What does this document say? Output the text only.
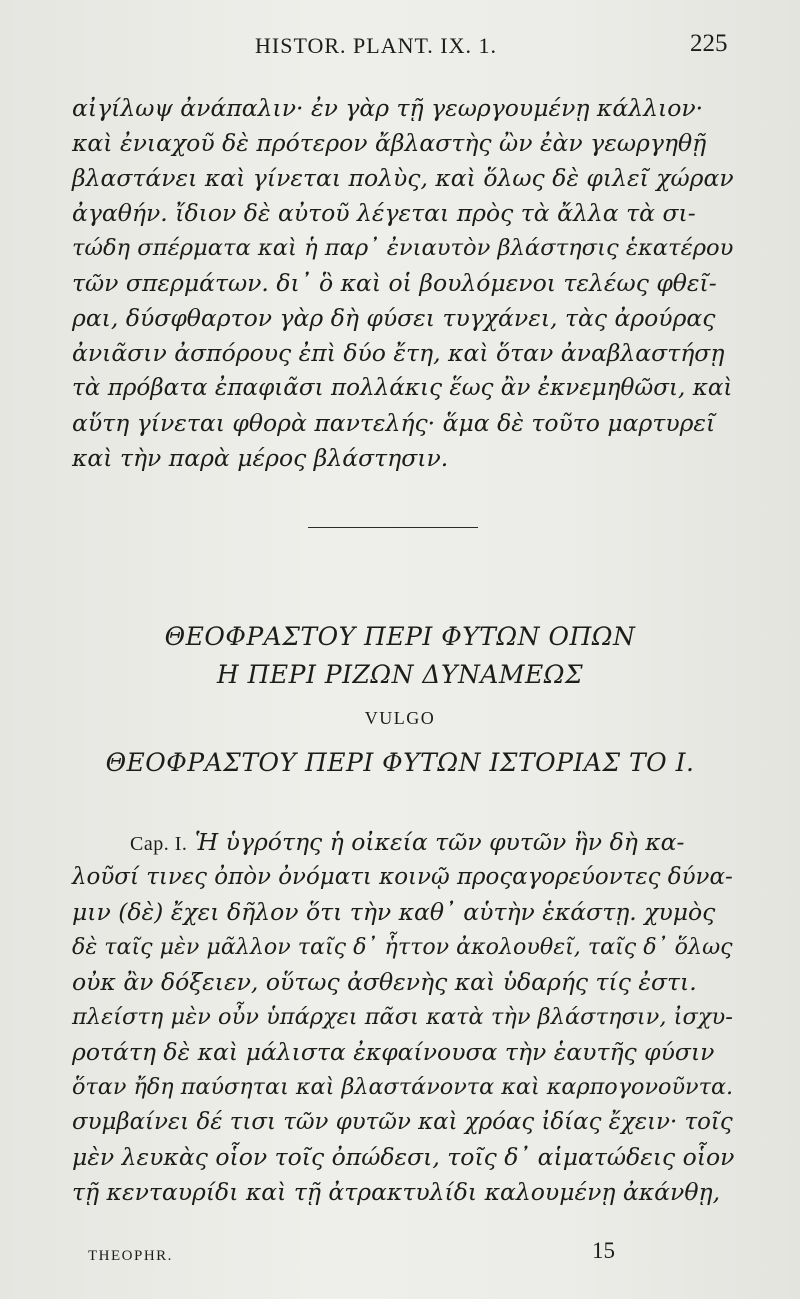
HISTOR. PLANT. IX. 1.	225
αἰγίλωψ ἀνάπαλιν· ἐν γὰρ τῇ γεωργουμένῃ κάλλιον·
καὶ ἐνιαχοῦ δὲ πρότερον ἄβλαστὴς ὢν ἐὰν γεωργηθῇ
βλαστάνει καὶ γίνεται πολὺς, καὶ ὅλως δὲ φιλεῖ χώραν
ἀγαθήν. ἴδιον δὲ αὐτοῦ λέγεται πρὸς τὰ ἄλλα τὰ σι-
τώδη σπέρματα καὶ ἡ παρ᾽ ἐνιαυτὸν βλάστησις ἑκατέρου
τῶν σπερμάτων. δι᾽ ὃ καὶ οἱ βουλόμενοι τελέως φθεῖ-
ραι, δύσφθαρτον γὰρ δὴ φύσει τυγχάνει, τὰς ἀρούρας
ἀνιᾶσιν ἀσπόρους ἐπὶ δύο ἔτη, καὶ ὅταν ἀναβλαστήσῃ
τὰ πρόβατα ἐπαφιᾶσι πολλάκις ἕως ἂν ἐκνεμηθῶσι, καὶ
αὕτη γίνεται φθορὰ παντελής· ἅμα δὲ τοῦτο μαρτυρεῖ
καὶ τὴν παρὰ μέρος βλάστησιν.
ΘΕΟΦΡΑΣΤΟΥ ΠΕΡΙ ΦΥΤΩΝ ΟΠΩΝ
Η ΠΕΡΙ ΡΙΖΩΝ ΔΥΝΑΜΕΩΣ
VULGO
ΘΕΟΦΡΑΣΤΟΥ ΠΕΡΙ ΦΥΤΩΝ ΙΣΤΟΡΙΑΣ ΤΟ Ι.
Cap. I. Ἡ ὑγρότης ἡ οἰκεία τῶν φυτῶν ἣν δὴ κα-
λοῦσί τινες ὀπὸν ὀνόματι κοινῷ προςαγορεύοντες δύνα-
μιν (δὲ) ἔχει δῆλον ὅτι τὴν καθ᾽ αὑτὴν ἑκάστῃ. χυμὸς
δὲ ταῖς μὲν μᾶλλον ταῖς δ᾽ ἧττον ἀκολουθεῖ, ταῖς δ᾽ ὅλως
οὐκ ἂν δόξειεν, οὕτως ἀσθενὴς καὶ ὑδαρής τίς ἐστι.
πλείστη μὲν οὖν ὑπάρχει πᾶσι κατὰ τὴν βλάστησιν, ἰσχυ-
ροτάτη δὲ καὶ μάλιστα ἐκφαίνουσα τὴν ἑαυτῆς φύσιν
ὅταν ἤδη παύσηται καὶ βλαστάνοντα καὶ καρπογονοῦντα.
συμβαίνει δέ τισι τῶν φυτῶν καὶ χρόας ἰδίας ἔχειν· τοῖς
μὲν λευκὰς οἷον τοῖς ὀπώδεσι, τοῖς δ᾽ αἱματώδεις οἷον
τῇ κενταυρίδι καὶ τῇ ἀτρακτυλίδι καλουμένῃ ἀκάνθῃ,
THEOPHR.	15
